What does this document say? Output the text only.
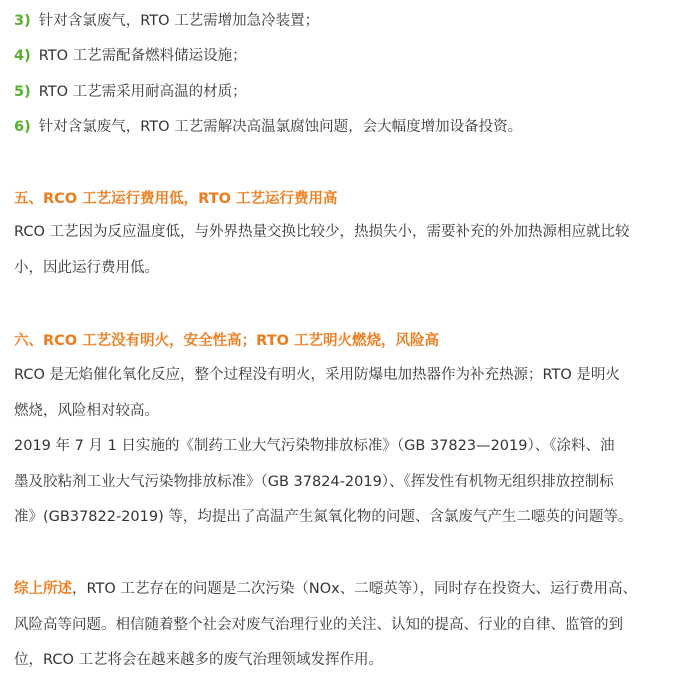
3) 针对含氯废气，RTO 工艺需增加急冷装置；
4) RTO 工艺需配备燃料储运设施；
5) RTO 工艺需采用耐高温的材质；
6) 针对含氯废气，RTO 工艺需解决高温氯腐蚀问题，会大幅度增加设备投资。
五、RCO 工艺运行费用低，RTO 工艺运行费用高
RCO 工艺因为反应温度低，与外界热量交换比较少，热损失小，需要补充的外加热源相应就比较
小，因此运行费用低。
六、RCO 工艺没有明火，安全性高；RTO 工艺明火燃烧，风险高
RCO 是无焰催化氧化反应，整个过程没有明火，采用防爆电加热器作为补充热源；RTO 是明火
燃烧，风险相对较高。
2019 年 7 月 1 日实施的《制药工业大气污染物排放标准》（GB 37823—2019）、《涂料、油
墨及胶粘剂工业大气污染物排放标准》（GB 37824-2019）、《挥发性有机物无组织排放控制标
准》(GB37822-2019) 等，均提出了高温产生氮氧化物的问题、含氯废气产生二噁英的问题等。
综上所述，RTO 工艺存在的问题是二次污染（NOx、二噁英等），同时存在投资大、运行费用高、
风险高等问题。相信随着整个社会对废气治理行业的关注、认知的提高、行业的自律、监管的到
位，RCO 工艺将会在越来越多的废气治理领域发挥作用。
